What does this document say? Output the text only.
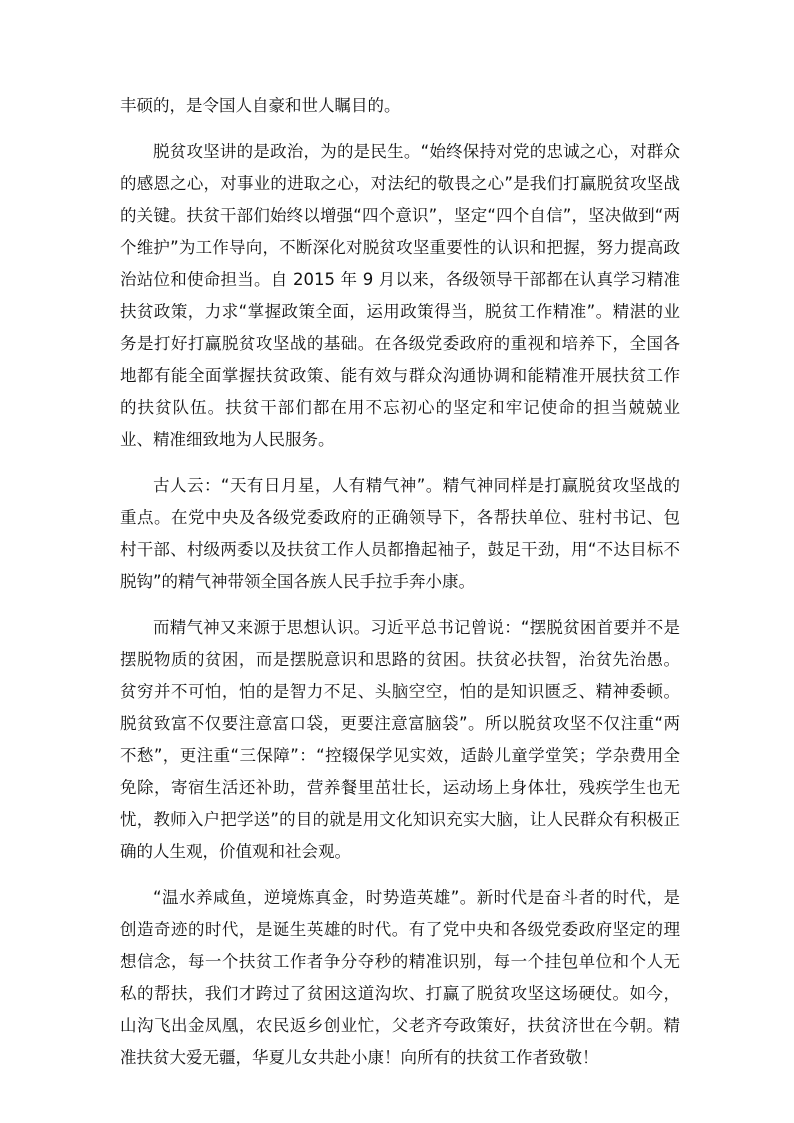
丰硕的，是令国人自豪和世人瞩目的。

脱贫攻坚讲的是政治，为的是民生。“始终保持对党的忠诚之心，对群众的感恩之心，对事业的进取之心，对法纪的敬畏之心”是我们打赢脱贫攻坚战的关键。扶贫干部们始终以增强“四个意识”，坚定“四个自信”，坚决做到“两个维护”为工作导向，不断深化对脱贫攻坚重要性的认识和把握，努力提高政治站位和使命担当。自 2015 年 9 月以来，各级领导干部都在认真学习精准扶贫政策，力求“掌握政策全面，运用政策得当，脱贫工作精准”。精湛的业务是打好打赢脱贫攻坚战的基础。在各级党委政府的重视和培养下，全国各地都有能全面掌握扶贫政策、能有效与群众沟通协调和能精准开展扶贫工作的扶贫队伍。扶贫干部们都在用不忘初心的坚定和牢记使命的担当兢兢业业、精准细致地为人民服务。

古人云：“天有日月星，人有精气神”。精气神同样是打赢脱贫攻坚战的重点。在党中央及各级党委政府的正确领导下，各帮扶单位、驻村书记、包村干部、村级两委以及扶贫工作人员都撸起袖子，鼓足干劲，用“不达目标不脱钩”的精气神带领全国各族人民手拉手奔小康。

而精气神又来源于思想认识。习近平总书记曾说：“摆脱贫困首要并不是摆脱物质的贫困，而是摆脱意识和思路的贫困。扶贫必扶智，治贫先治愚。贫穷并不可怕，怕的是智力不足、头脑空空，怕的是知识匮乏、精神委顿。脱贫致富不仅要注意富口袋，更要注意富脑袋”。所以脱贫攻坚不仅注重“两不愁”，更注重“三保障”：“控辍保学见实效，适龄儿童学堂笑；学杂费用全免除，寄宿生活还补助，营养餐里茁壮长，运动场上身体壮，残疾学生也无忧，教师入户把学送”的目的就是用文化知识充实大脑，让人民群众有积极正确的人生观，价值观和社会观。

“温水养咸鱼，逆境炼真金，时势造英雄”。新时代是奋斗者的时代，是创造奇迹的时代，是诞生英雄的时代。有了党中央和各级党委政府坚定的理想信念，每一个扶贫工作者争分夺秒的精准识别，每一个挂包单位和个人无私的帮扶，我们才跨过了贫困这道沟坎、打赢了脱贫攻坚这场硬仗。如今，山沟飞出金凤凰，农民返乡创业忙，父老齐夸政策好，扶贫济世在今朝。精准扶贫大爱无疆，华夏儿女共赴小康！向所有的扶贫工作者致敬！
